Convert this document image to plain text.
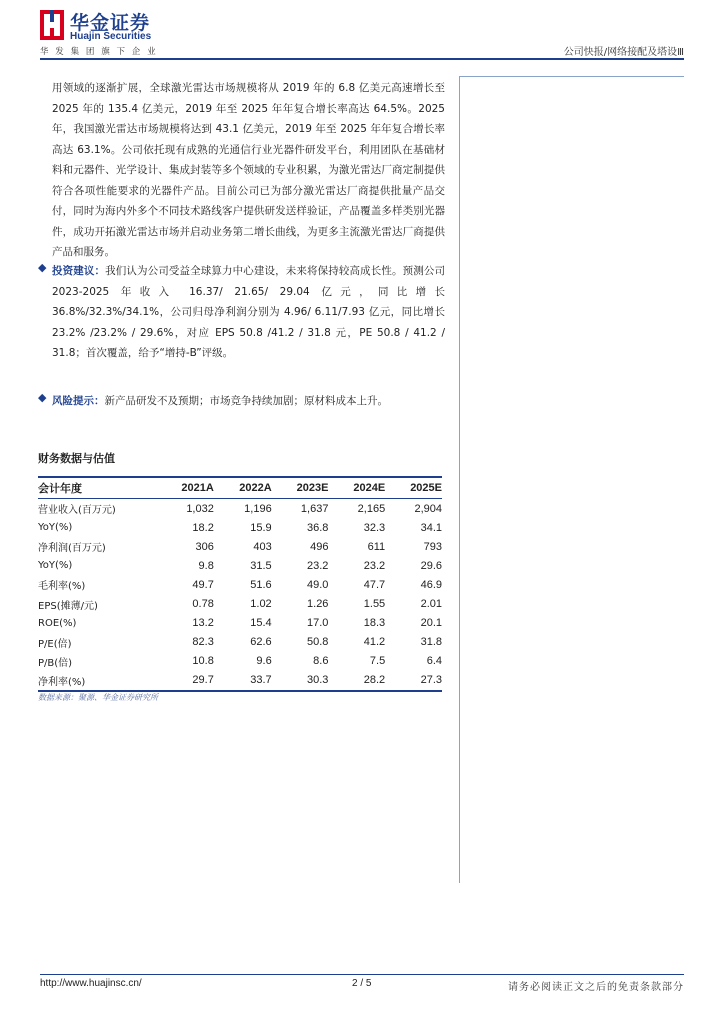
华金证券
Huajin Securities
华发集团旗下企业	公司快报/网络接配及塔设Ⅲ
用领域的逐渐扩展，全球激光雷达市场规模将从 2019 年的 6.8 亿美元高速增长至 2025 年的 135.4 亿美元，2019 年至 2025 年年复合增长率高达 64.5%。2025 年，我国激光雷达市场规模将达到 43.1 亿美元，2019 年至 2025 年年复合增长率高达 63.1%。公司依托现有成熟的光通信行业光器件研发平台，利用团队在基础材料和元器件、光学设计、集成封装等多个领域的专业积累，为激光雷达厂商定制提供符合各项性能要求的光器件产品。目前公司已为部分激光雷达厂商提供批量产品交付，同时为海内外多个不同技术路线客户提供研发送样验证，产品覆盖多样类别光器件，成功开拓激光雷达市场并启动业务第二增长曲线，为更多主流激光雷达厂商提供产品和服务。
◆ 投资建议：我们认为公司受益全球算力中心建设，未来将保持较高成长性。预测公司 2023-2025 年收入 16.37/ 21.65/ 29.04 亿元，同比增长 36.8%/32.3%/34.1%，公司归母净利润分别为 4.96/ 6.11/7.93 亿元，同比增长 23.2% /23.2% / 29.6%，对应 EPS 50.8 /41.2 / 31.8 元，PE 50.8 / 41.2 / 31.8；首次覆盖，给予“增持-B”评级。
◆ 风险提示：新产品研发不及预期；市场竞争持续加剧；原材料成本上升。
财务数据与估值
会计年度	2021A	2022A	2023E	2024E	2025E
营业收入(百万元)	1,032	1,196	1,637	2,165	2,904
YoY(%)	18.2	15.9	36.8	32.3	34.1
净利润(百万元)	306	403	496	611	793
YoY(%)	9.8	31.5	23.2	23.2	29.6
毛利率(%)	49.7	51.6	49.0	47.7	46.9
EPS(摊薄/元)	0.78	1.02	1.26	1.55	2.01
ROE(%)	13.2	15.4	17.0	18.3	20.1
P/E(倍)	82.3	62.6	50.8	41.2	31.8
P/B(倍)	10.8	9.6	8.6	7.5	6.4
净利率(%)	29.7	33.7	30.3	28.2	27.3
数据来源：聚源、华金证券研究所
http://www.huajinsc.cn/	2 / 5	请务必阅读正文之后的免责条款部分
